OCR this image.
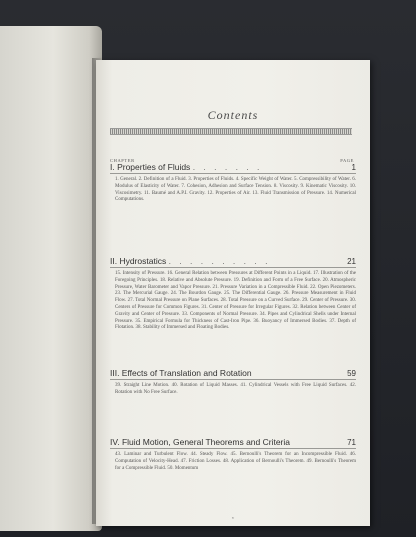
Contents
CHAPTER	PAGE
I. Properties of Fluids . . . . . . .	1
1. General. 2. Definition of a Fluid. 3. Properties of Fluids. 4. Specific Weight of Water. 5. Compressibility of Water. 6. Modulus of Elasticity of Water. 7. Cohesion, Adhesion and Surface Tension. 8. Viscosity. 9. Kinematic Viscosity. 10. Viscosimetry. 11. Baumé and A.P.I. Gravity. 12. Properties of Air. 13. Fluid Transmission of Pressure. 14. Numerical Computations.
II. Hydrostatics . . . . . . . . . .	21
15. Intensity of Pressure. 16. General Relation between Pressures at Different Points in a Liquid. 17. Illustration of the Foregoing Principles. 18. Relative and Absolute Pressure. 19. Definition and Form of a Free Surface. 20. Atmospheric Pressure, Water Barometer and Vapor Pressure. 21. Pressure Variation in a Compressible Fluid. 22. Open Piezometers. 23. The Mercurial Gauge. 24. The Bourdon Gauge. 25. The Differential Gauge. 26. Pressure Measurement in Fluid Flow. 27. Total Normal Pressure on Plane Surfaces. 28. Total Pressure on a Curved Surface. 29. Center of Pressure. 30. Centers of Pressure for Common Figures. 31. Center of Pressure for Irregular Figures. 32. Relation between Center of Gravity and Center of Pressure. 33. Components of Normal Pressure. 34. Pipes and Cylindrical Shells under Internal Pressure. 35. Empirical Formula for Thickness of Cast-Iron Pipe. 36. Buoyancy of Immersed Bodies. 37. Depth of Flotation. 38. Stability of Immersed and Floating Bodies.
III. Effects of Translation and Rotation	59
39. Straight Line Motion. 40. Rotation of Liquid Masses. 41. Cylindrical Vessels with Free Liquid Surfaces. 42. Rotation with No Free Surface.
IV. Fluid Motion, General Theorems and Criteria	71
43. Laminar and Turbulent Flow. 44. Steady Flow. 45. Bernoulli's Theorem for an Incompressible Fluid. 46. Computation of Velocity-Head. 47. Friction Losses. 48. Application of Bernoulli's Theorem. 49. Bernoulli's Theorem for a Compressible Fluid. 50. Momentum
v
